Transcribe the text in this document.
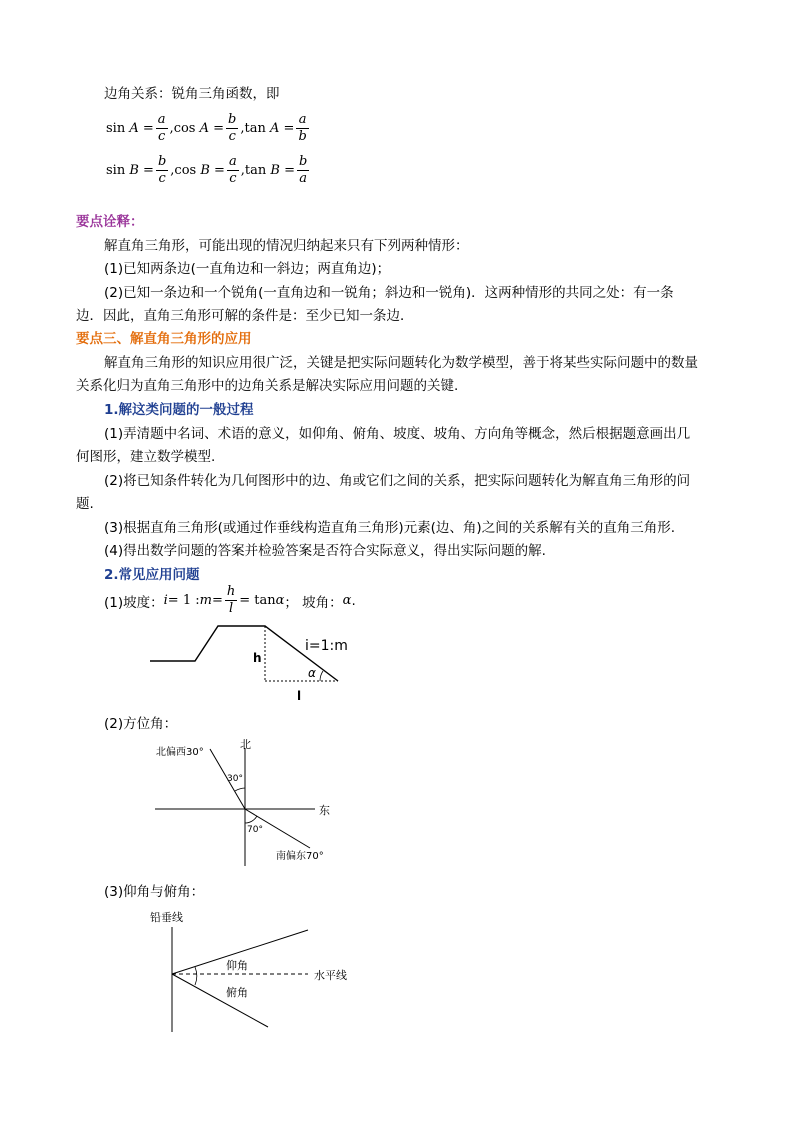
边角关系：锐角三角函数，即
sin
A
= $\frac{a}{c}$ , cos
A
= $\frac{b}{c}$ , tan
A
= $\frac{a}{b}$
sin
B
= $\frac{b}{c}$ , cos
B
= $\frac{a}{c}$ , tan
B
= $\frac{b}{a}$
要点诠释：
解直角三角形，可能出现的情况归纳起来只有下列两种情形：
(1)已知两条边(一直角边和一斜边；两直角边)；
(2)已知一条边和一个锐角(一直角边和一锐角；斜边和一锐角)．这两种情形的共同之处：有一条
边．因此，直角三角形可解的条件是：至少已知一条边．
要点三、解直角三角形的应用
解直角三角形的知识应用很广泛，关键是把实际问题转化为数学模型，善于将某些实际问题中的数量
关系化归为直角三角形中的边角关系是解决实际应用问题的关键.
1.解这类问题的一般过程
(1)弄清题中名词、术语的意义，如仰角、俯角、坡度、坡角、方向角等概念，然后根据题意画出几
何图形，建立数学模型.
(2)将已知条件转化为几何图形中的边、角或它们之间的关系，把实际问题转化为解直角三角形的问
题.
(3)根据直角三角形(或通过作垂线构造直角三角形)元素(边、角)之间的关系解有关的直角三角形.
(4)得出数学问题的答案并检验答案是否符合实际意义，得出实际问题的解.
2.常见应用问题
(1)坡度： i = 1 : $m = \frac{h}{l} = \tan \alpha$ ； 坡角： α .
h
l
i=1:m
α
(2)方位角：
北
东
北偏西30°
30°
70°
南偏东70°
(3)仰角与俯角：
铅垂线
仰角
俯角
水平线
